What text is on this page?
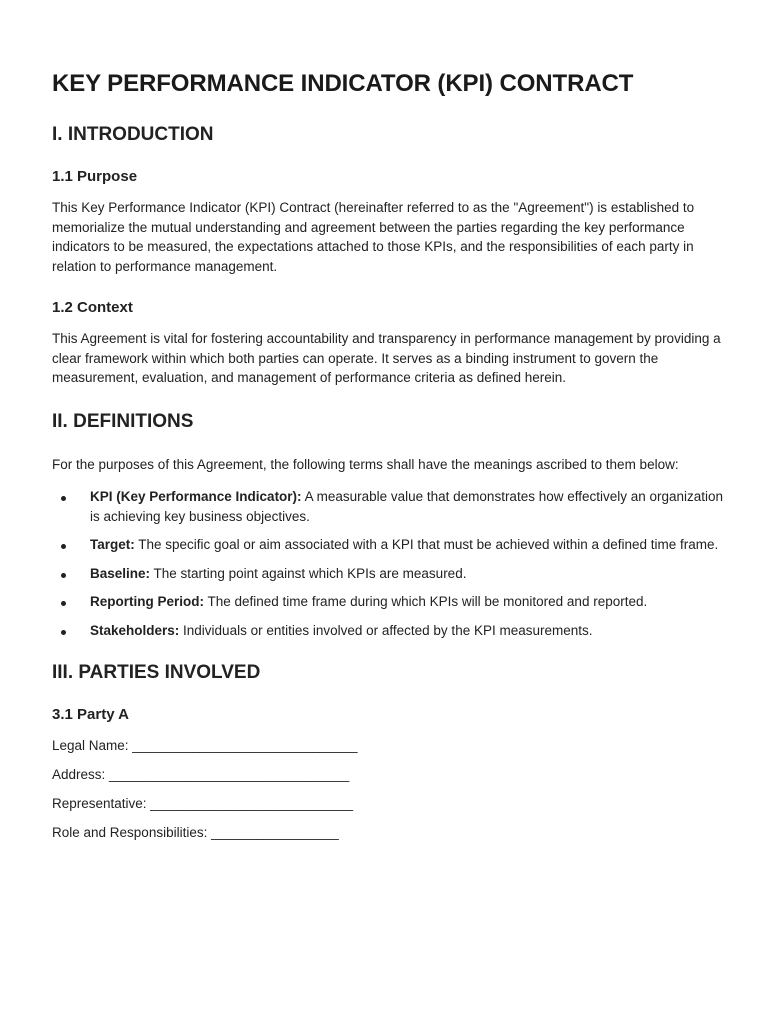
KEY PERFORMANCE INDICATOR (KPI) CONTRACT
I. INTRODUCTION
1.1 Purpose

This Key Performance Indicator (KPI) Contract (hereinafter referred to as the "Agreement") is established to memorialize the mutual understanding and agreement between the parties regarding the key performance indicators to be measured, the expectations attached to those KPIs, and the responsibilities of each party in relation to performance management.

1.2 Context

This Agreement is vital for fostering accountability and transparency in performance management by providing a clear framework within which both parties can operate. It serves as a binding instrument to govern the measurement, evaluation, and management of performance criteria as defined herein.

II. DEFINITIONS

For the purposes of this Agreement, the following terms shall have the meanings ascribed to them below:

KPI (Key Performance Indicator): A measurable value that demonstrates how effectively an organization is achieving key business objectives.
Target: The specific goal or aim associated with a KPI that must be achieved within a defined time frame.
Baseline: The starting point against which KPIs are measured.
Reporting Period: The defined time frame during which KPIs will be monitored and reported.
Stakeholders: Individuals or entities involved or affected by the KPI measurements.
III. PARTIES INVOLVED
3.1 Party A
Legal Name: ______________________________
Address: ________________________________
Representative: ___________________________
Role and Responsibilities: _________________
